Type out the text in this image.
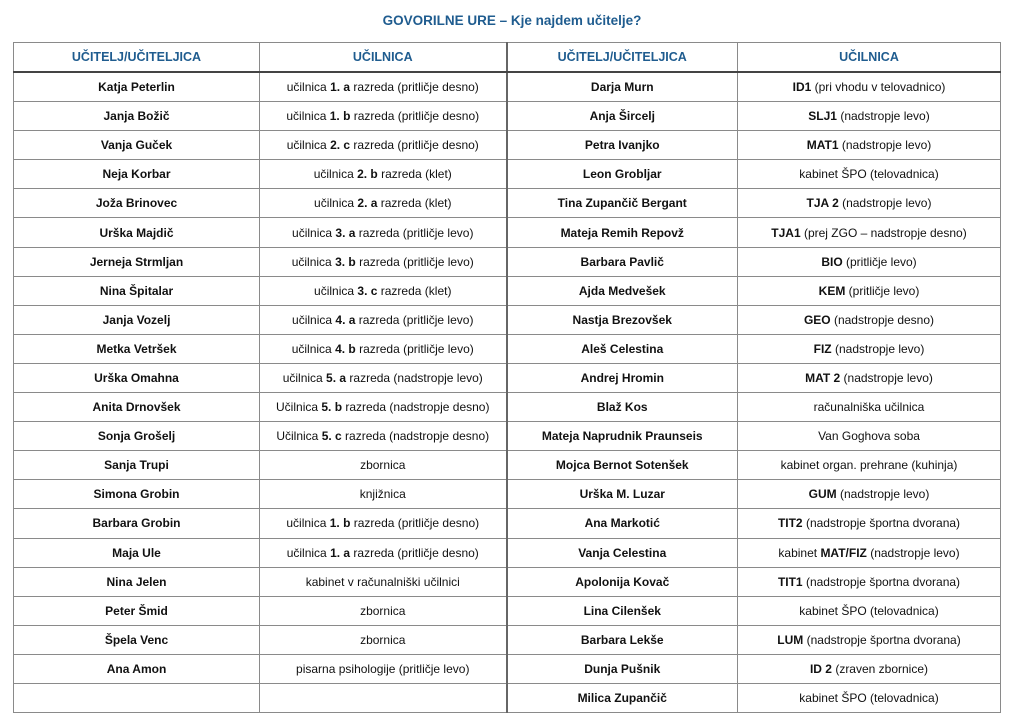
GOVORILNE URE – Kje najdem učitelje?
UČITELJ/UČITELJICA	UČILNICA	UČITELJ/UČITELJICA	UČILNICA
Katja Peterlin	učilnica 1. a razreda (pritličje desno)	Darja Murn	ID1 (pri vhodu v telovadnico)
Janja Božič	učilnica 1. b razreda (pritličje desno)	Anja Šircelj	SLJ1 (nadstropje levo)
Vanja Guček	učilnica 2. c razreda (pritličje desno)	Petra Ivanjko	MAT1 (nadstropje levo)
Neja Korbar	učilnica 2. b razreda (klet)	Leon Grobljar	kabinet ŠPO (telovadnica)
Joža Brinovec	učilnica 2. a razreda (klet)	Tina Zupančič Bergant	TJA 2 (nadstropje levo)
Urška Majdič	učilnica 3. a razreda (pritličje levo)	Mateja Remih Repovž	TJA1 (prej ZGO – nadstropje desno)
Jerneja Strmljan	učilnica 3. b razreda (pritličje levo)	Barbara Pavlič	BIO (pritličje levo)
Nina Špitalar	učilnica 3. c razreda (klet)	Ajda Medvešek	KEM (pritličje levo)
Janja Vozelj	učilnica 4. a razreda (pritličje levo)	Nastja Brezovšek	GEO (nadstropje desno)
Metka Vetršek	učilnica 4. b razreda (pritličje levo)	Aleš Celestina	FIZ (nadstropje levo)
Urška Omahna	učilnica 5. a razreda (nadstropje levo)	Andrej Hromin	MAT 2 (nadstropje levo)
Anita Drnovšek	Učilnica 5. b razreda (nadstropje desno)	Blaž Kos	računalniška učilnica
Sonja Grošelj	Učilnica 5. c razreda (nadstropje desno)	Mateja Naprudnik Praunseis	Van Goghova soba
Sanja Trupi	zbornica	Mojca Bernot Sotenšek	kabinet organ. prehrane (kuhinja)
Simona Grobin	knjižnica	Urška M. Luzar	GUM (nadstropje levo)
Barbara Grobin	učilnica 1. b razreda (pritličje desno)	Ana Markotić	TIT2 (nadstropje športna dvorana)
Maja Ule	učilnica 1. a razreda (pritličje desno)	Vanja Celestina	kabinet MAT/FIZ (nadstropje levo)
Nina Jelen	kabinet v računalniški učilnici	Apolonija Kovač	TIT1 (nadstropje športna dvorana)
Peter Šmid	zbornica	Lina Cilenšek	kabinet ŠPO (telovadnica)
Špela Venc	zbornica	Barbara Lekše	LUM (nadstropje športna dvorana)
Ana Amon	pisarna psihologije (pritličje levo)	Dunja Pušnik	ID 2 (zraven zbornice)
		Milica Zupančič	kabinet ŠPO (telovadnica)
